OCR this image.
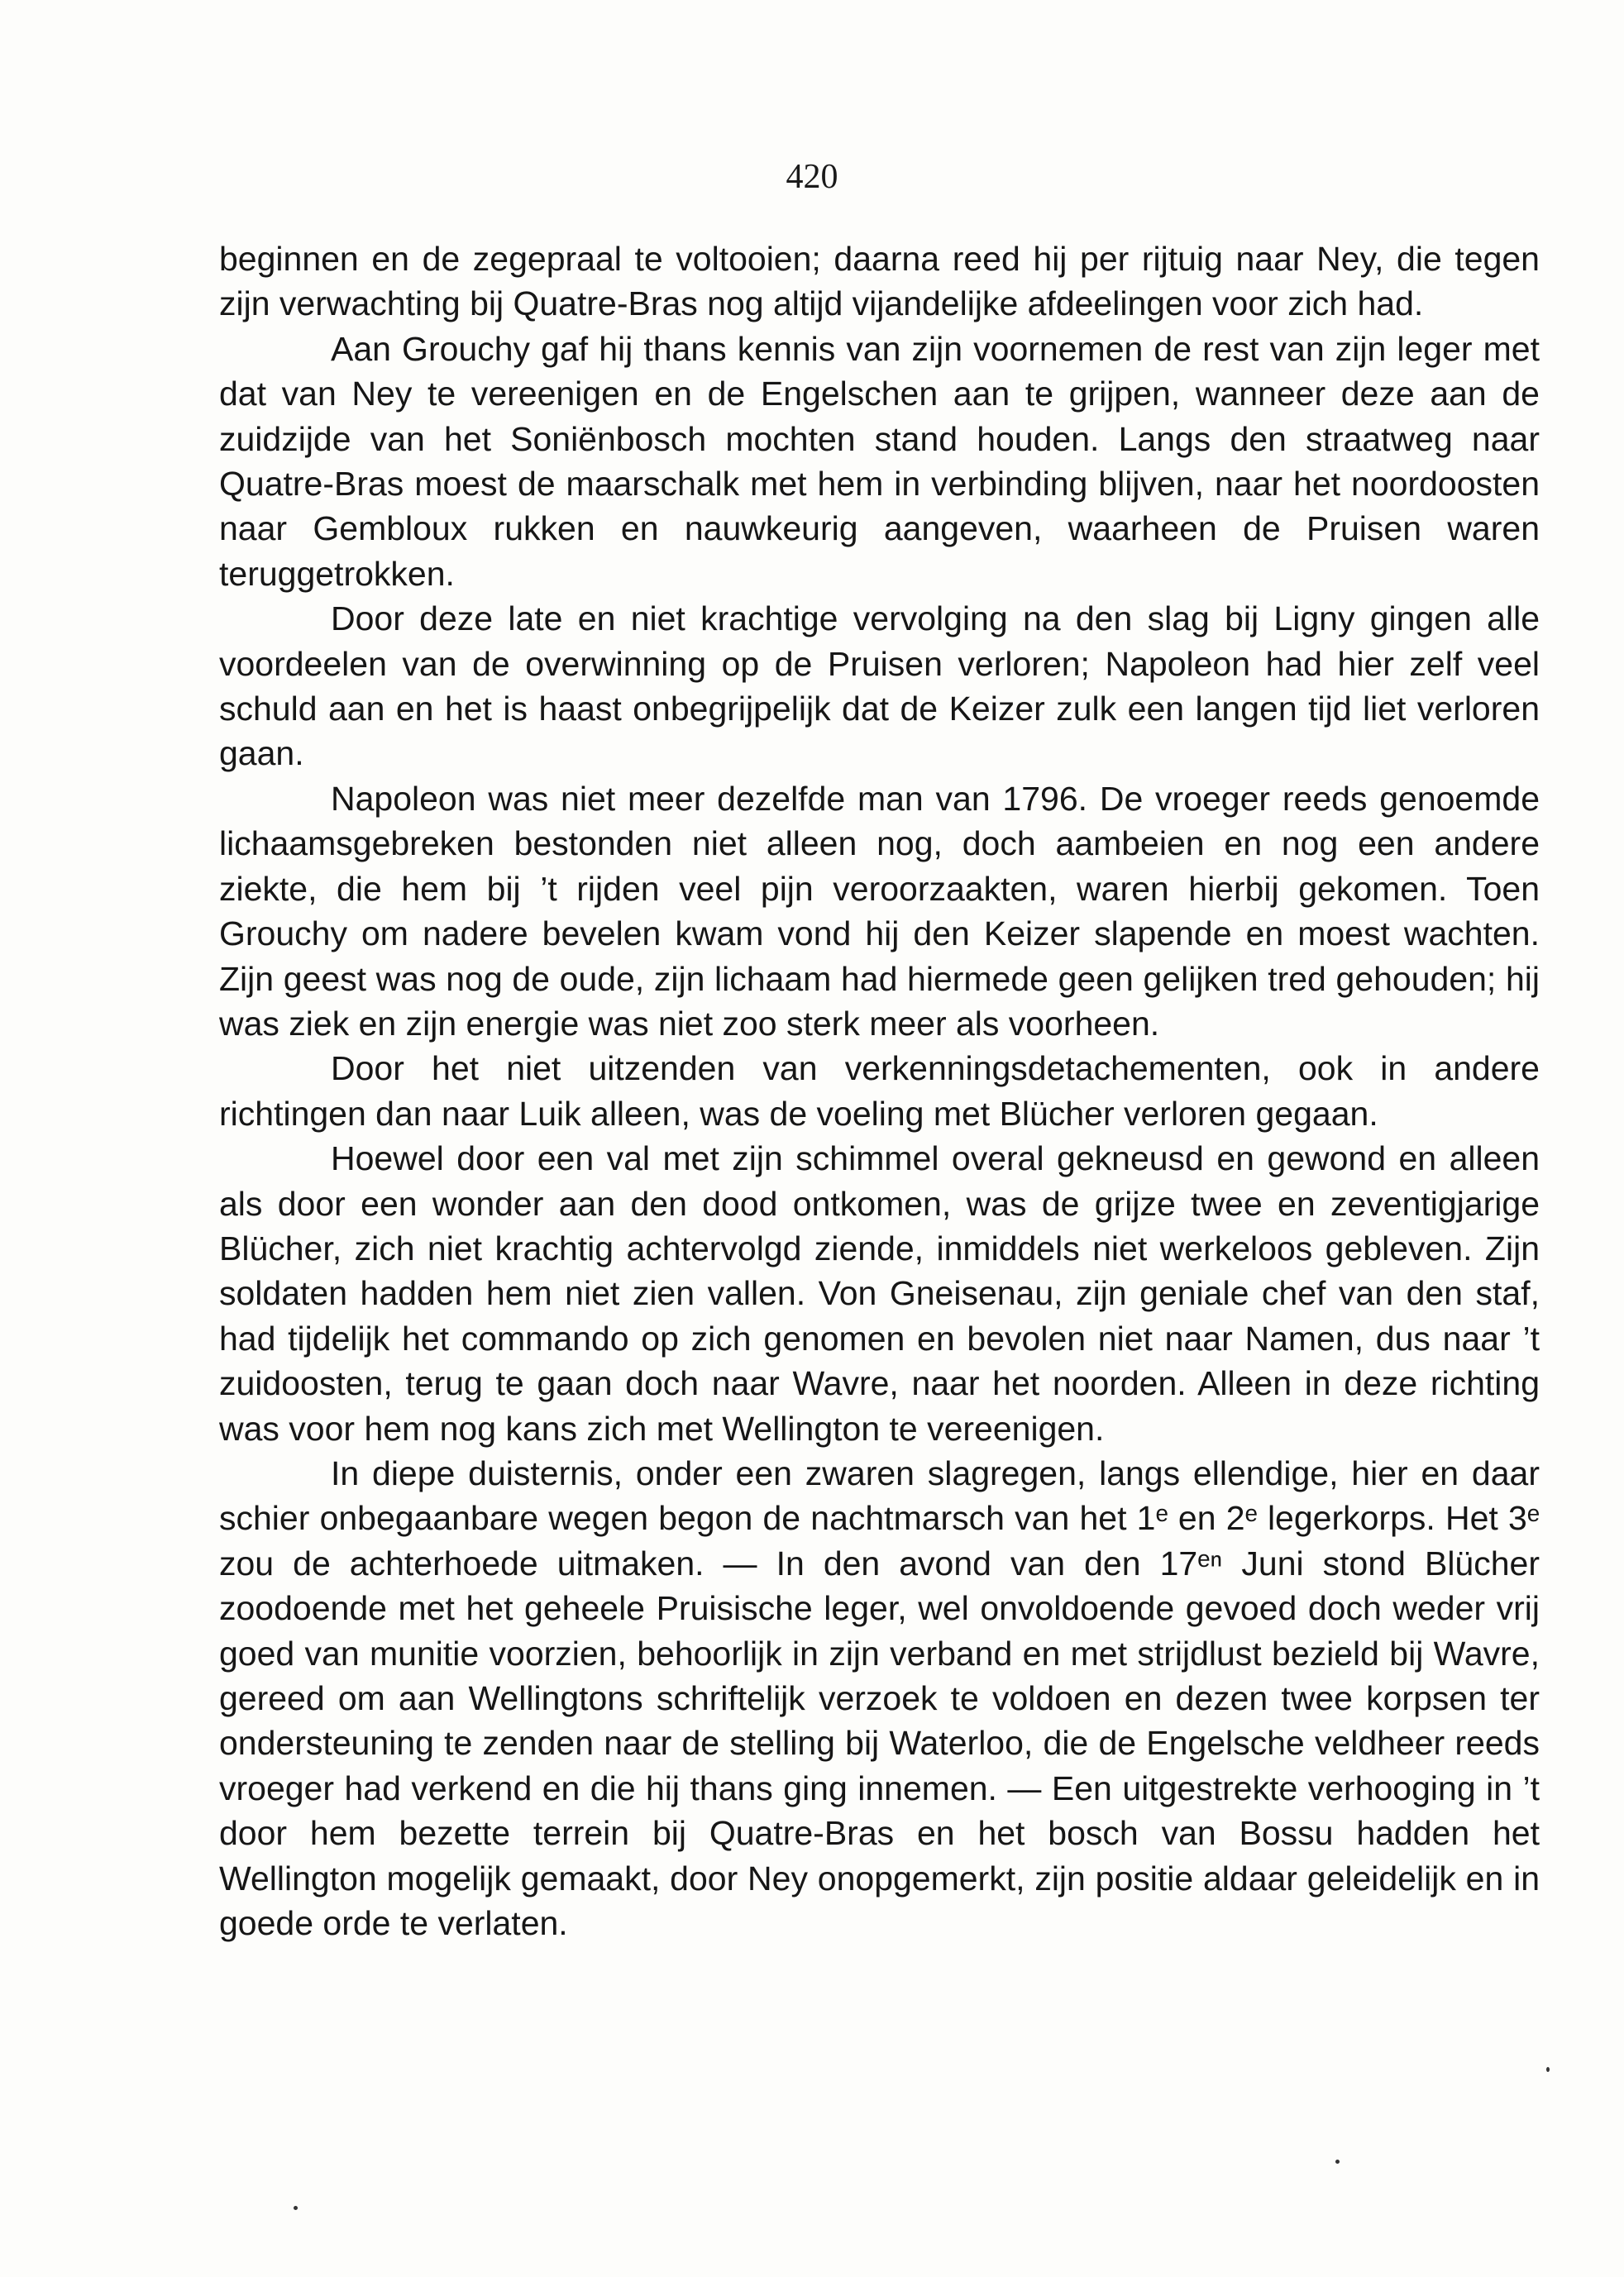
420

beginnen en de zegepraal te voltooien; daarna reed hij per rijtuig naar Ney, die tegen zijn verwachting bij Quatre-Bras nog altijd vijandelijke afdeelingen voor zich had.

Aan Grouchy gaf hij thans kennis van zijn voornemen de rest van zijn leger met dat van Ney te vereenigen en de Engelschen aan te grijpen, wanneer deze aan de zuidzijde van het Soniënbosch mochten stand houden. Langs den straatweg naar Quatre-Bras moest de maarschalk met hem in verbinding blijven, naar het noordoosten naar Gembloux rukken en nauwkeurig aangeven, waarheen de Pruisen waren teruggetrokken.

Door deze late en niet krachtige vervolging na den slag bij Ligny gingen alle voordeelen van de overwinning op de Pruisen verloren; Napoleon had hier zelf veel schuld aan en het is haast onbegrijpelijk dat de Keizer zulk een langen tijd liet verloren gaan.

Napoleon was niet meer dezelfde man van 1796. De vroeger reeds genoemde lichaamsgebreken bestonden niet alleen nog, doch aambeien en nog een andere ziekte, die hem bij ’t rijden veel pijn veroorzaakten, waren hierbij gekomen. Toen Grouchy om nadere bevelen kwam vond hij den Keizer slapende en moest wachten. Zijn geest was nog de oude, zijn lichaam had hiermede geen gelijken tred gehouden; hij was ziek en zijn energie was niet zoo sterk meer als voorheen.

Door het niet uitzenden van verkenningsdetachementen, ook in andere richtingen dan naar Luik alleen, was de voeling met Blücher verloren gegaan.

Hoewel door een val met zijn schimmel overal gekneusd en gewond en alleen als door een wonder aan den dood ontkomen, was de grijze twee en zeventigjarige Blücher, zich niet krachtig achtervolgd ziende, inmiddels niet werkeloos gebleven. Zijn soldaten hadden hem niet zien vallen. Von Gneisenau, zijn geniale chef van den staf, had tijdelijk het commando op zich genomen en bevolen niet naar Namen, dus naar ’t zuidoosten, terug te gaan doch naar Wavre, naar het noorden. Alleen in deze richting was voor hem nog kans zich met Wellington te vereenigen.

In diepe duisternis, onder een zwaren slagregen, langs ellendige, hier en daar schier onbegaanbare wegen begon de nachtmarsch van het 1ᵉ en 2ᵉ legerkorps. Het 3ᵉ zou de achterhoede uitmaken. — In den avond van den 17ᵉⁿ Juni stond Blücher zoodoende met het geheele Pruisische leger, wel onvoldoende gevoed doch weder vrij goed van munitie voorzien, behoorlijk in zijn verband en met strijdlust bezield bij Wavre, gereed om aan Wellingtons schriftelijk verzoek te voldoen en dezen twee korpsen ter ondersteuning te zenden naar de stelling bij Waterloo, die de Engelsche veldheer reeds vroeger had verkend en die hij thans ging innemen. — Een uitgestrekte verhooging in ’t door hem bezette terrein bij Quatre-Bras en het bosch van Bossu hadden het Wellington mogelijk gemaakt, door Ney onopgemerkt, zijn positie aldaar geleidelijk en in goede orde te verlaten.
